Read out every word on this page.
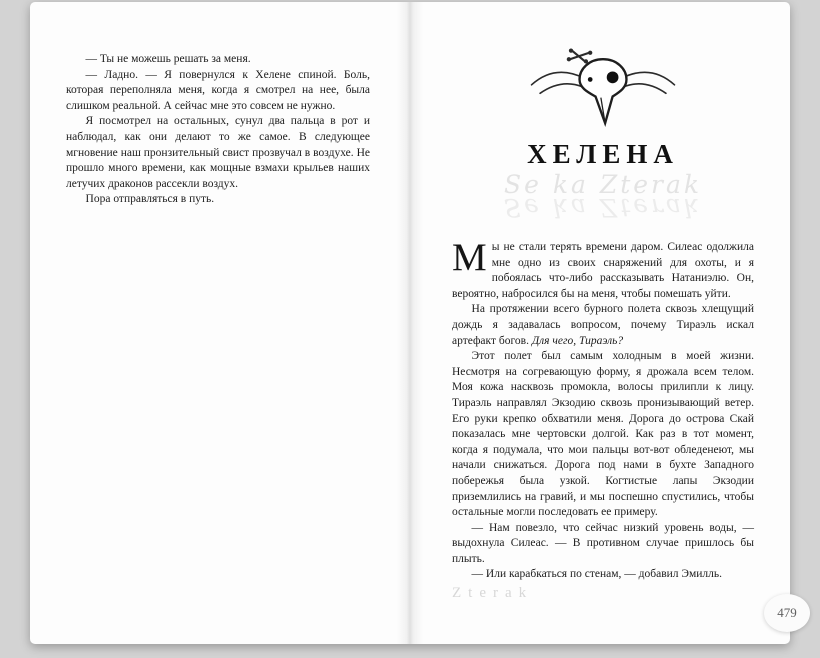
— Ты не можешь решать за меня.

— Ладно. — Я повернулся к Хелене спиной. Боль, которая переполняла меня, когда я смотрел на нее, была слишком реальной. А сейчас мне это совсем не нужно.

Я посмотрел на остальных, сунул два пальца в рот и наблюдал, как они делают то же самое. В следующее мгновение наш пронзительный свист прозвучал в воздухе. Не прошло много времени, как мощные взмахи крыльев наших летучих драконов рассекли воздух.

Пора отправляться в путь.

ХЕЛЕНА
Se ka Zterak
Se ka Zterak

Мы не стали терять времени даром. Силеас одолжила мне одно из своих снаряжений для охоты, и я побоялась что-либо рассказывать Натаниэлю. Он, вероятно, набросился бы на меня, чтобы помешать уйти.

На протяжении всего бурного полета сквозь хлещущий дождь я задавалась вопросом, почему Тираэль искал артефакт богов. Для чего, Тираэль?

Этот полет был самым холодным в моей жизни. Несмотря на согревающую форму, я дрожала всем телом. Моя кожа насквозь промокла, волосы прилипли к лицу. Тираэль направлял Экзодию сквозь пронизывающий ветер. Его руки крепко обхватили меня. Дорога до острова Скай показалась мне чертовски долгой. Как раз в тот момент, когда я подумала, что мои пальцы вот-вот обледенеют, мы начали снижаться. Дорога под нами в бухте Западного побережья была узкой. Когтистые лапы Экзодии приземлились на гравий, и мы поспешно спустились, чтобы остальные могли последовать ее примеру.

— Нам повезло, что сейчас низкий уровень воды, — выдохнула Силеас. — В противном случае пришлось бы плыть.

— Или карабкаться по стенам, — добавил Эмилль.

Zterak
479
